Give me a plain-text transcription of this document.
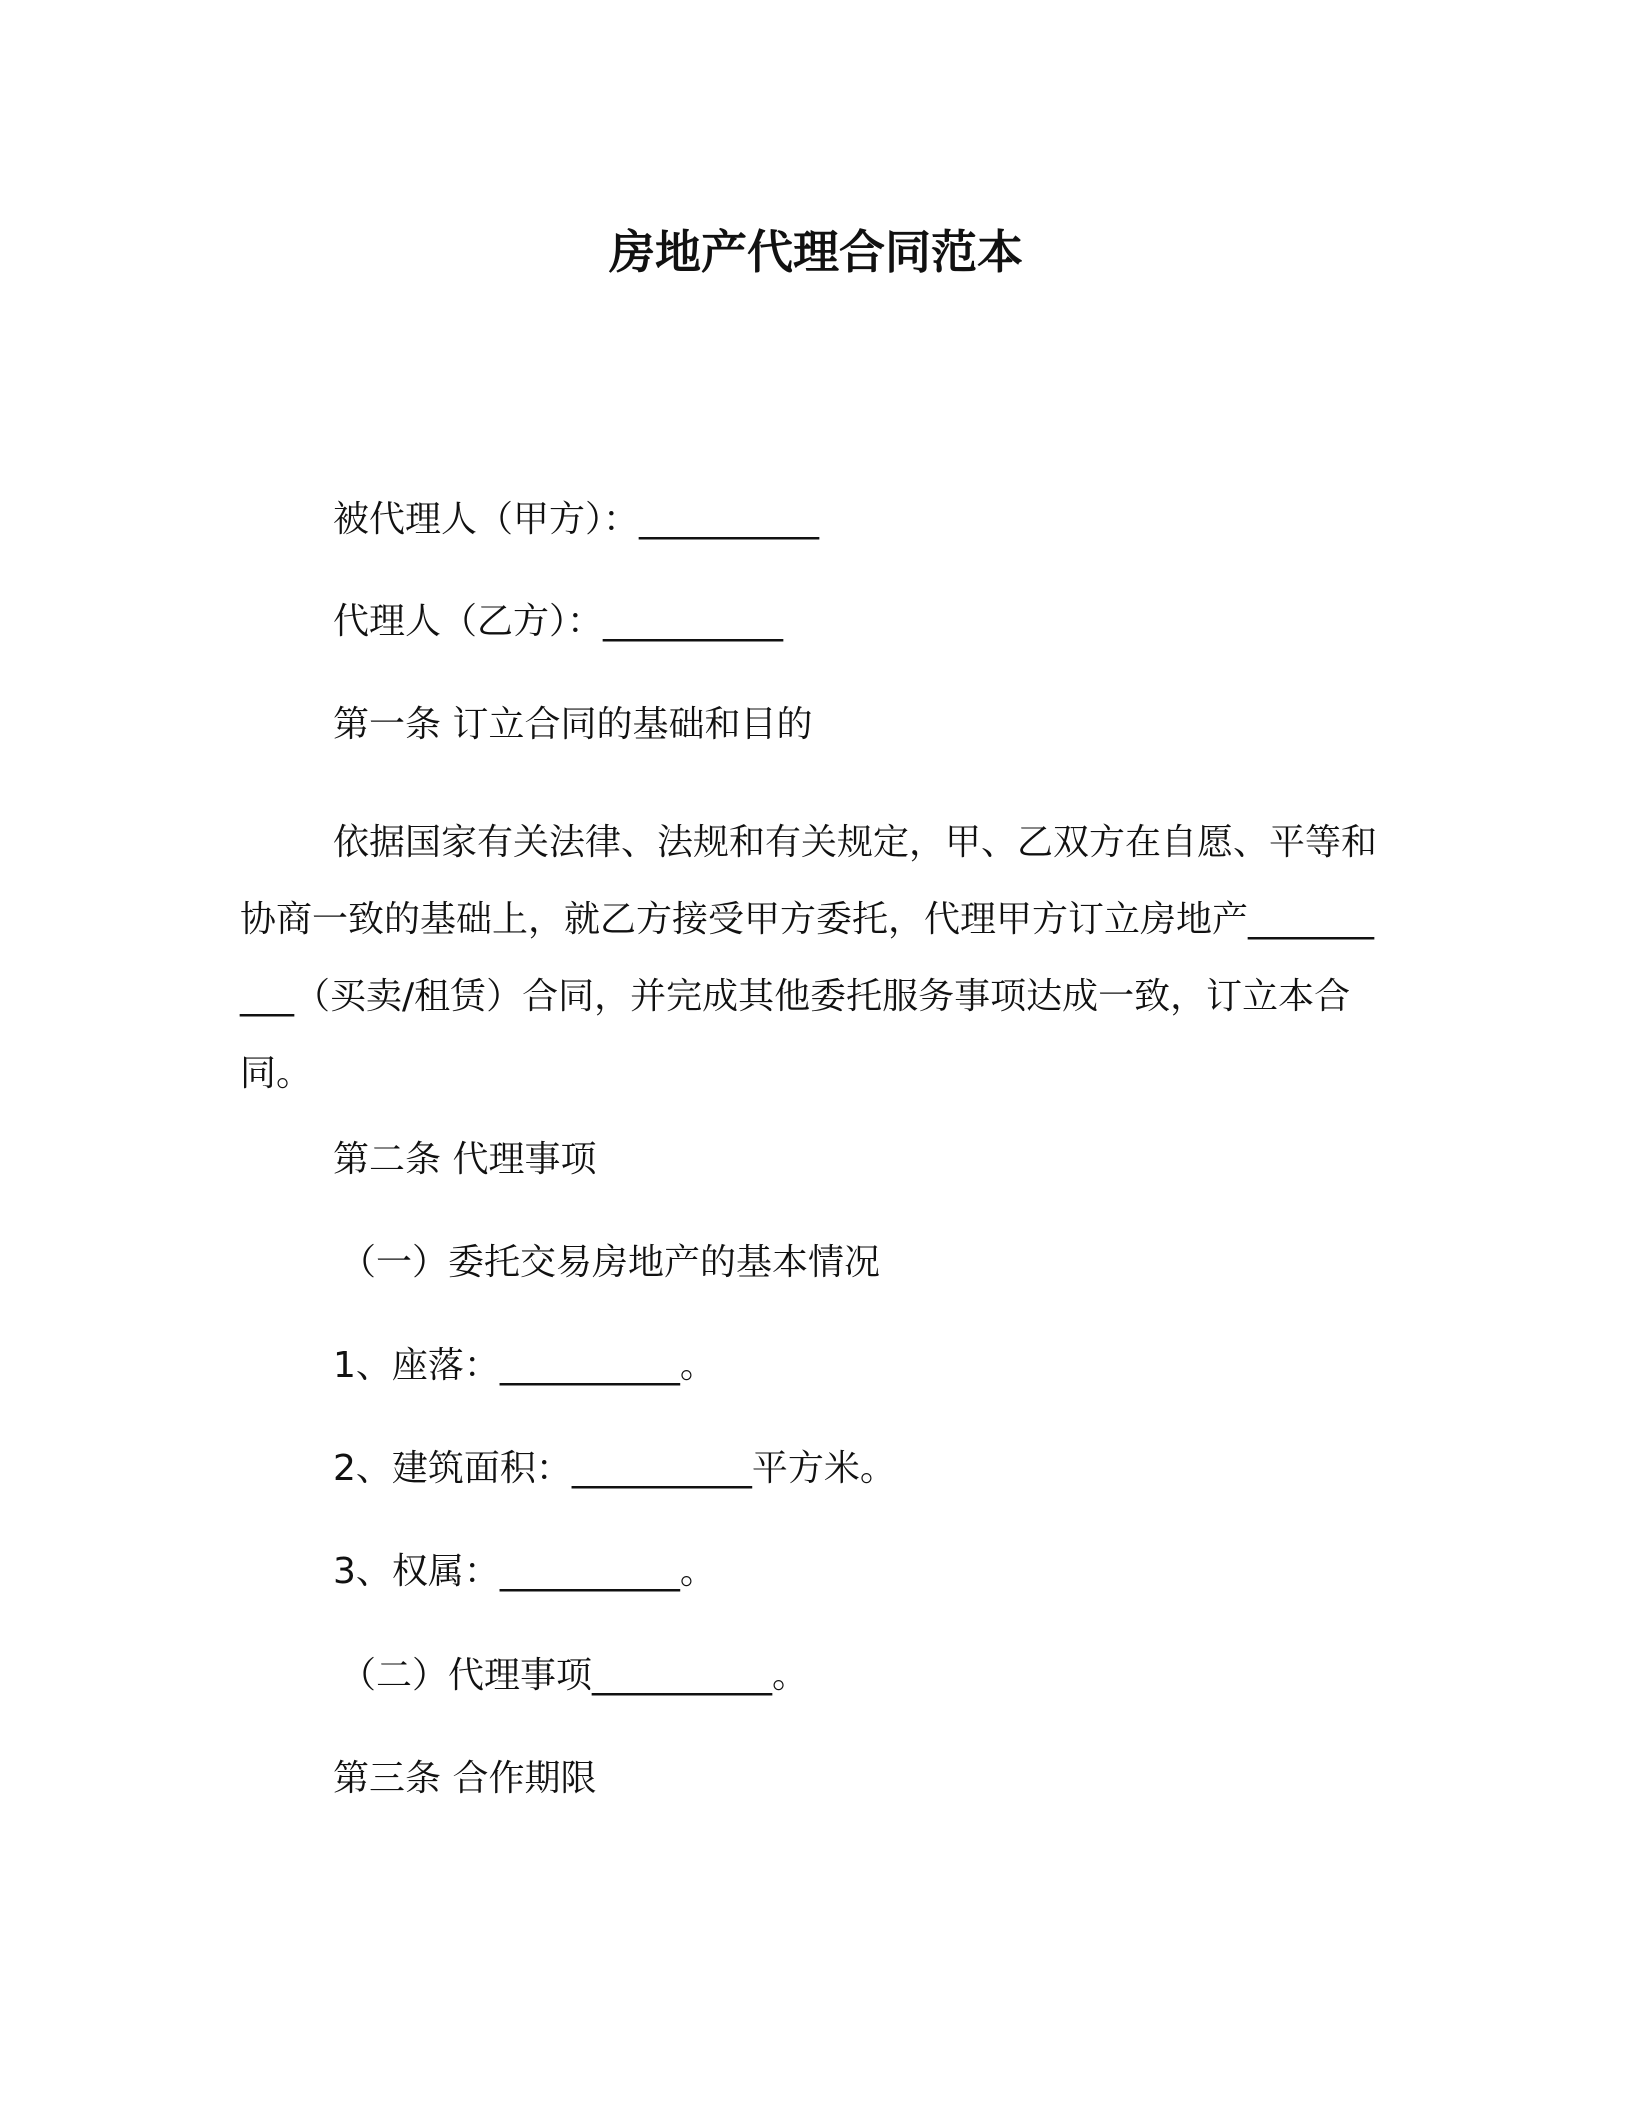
房地产代理合同范本
被代理人（甲方）：__________
代理人（乙方）：__________
第一条 订立合同的基础和目的
依据国家有关法律、法规和有关规定，甲、乙双方在自愿、平等和协商一致的基础上，就乙方接受甲方委托，代理甲方订立房地产__________（买卖/租赁）合同，并完成其他委托服务事项达成一致，订立本合同。
第二条 代理事项
（一）委托交易房地产的基本情况
1、座落：__________。
2、建筑面积：__________平方米。
3、权属：__________。
（二）代理事项__________。
第三条 合作期限
